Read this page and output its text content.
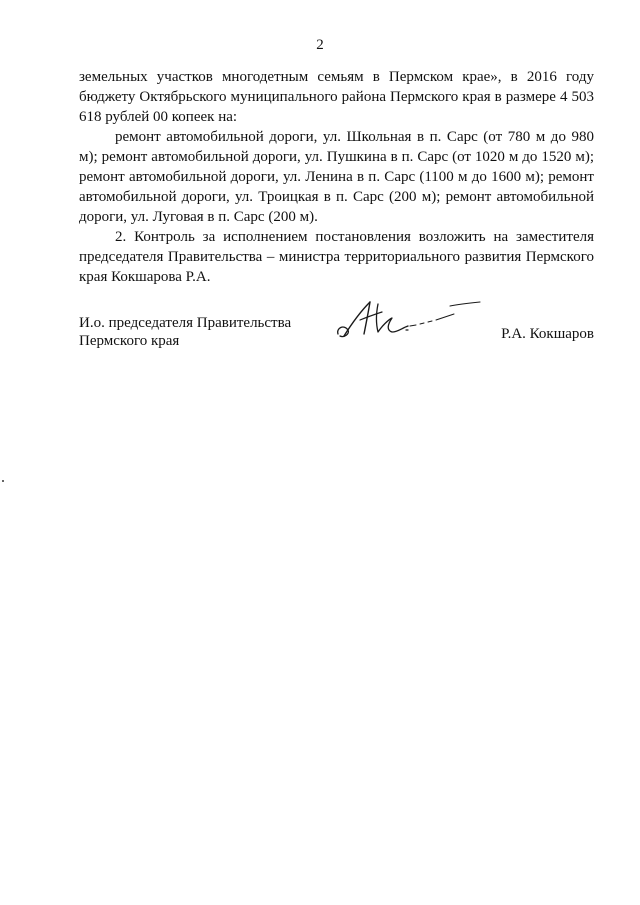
2

земельных участков многодетным семьям в Пермском крае», в 2016 году бюджету Октябрьского муниципального района Пермского края в размере 4 503 618 рублей 00 копеек на:

ремонт автомобильной дороги, ул. Школьная в п. Сарс (от 780 м до 980 м); ремонт автомобильной дороги, ул. Пушкина в п. Сарс (от 1020 м до 1520 м); ремонт автомобильной дороги, ул. Ленина в п. Сарс (1100 м до 1600 м); ремонт автомобильной дороги, ул. Троицкая в п. Сарс (200 м); ремонт автомобильной дороги, ул. Луговая в п. Сарс (200 м).

2. Контроль за исполнением постановления возложить на заместителя председателя Правительства – министра территориального развития Пермского края Кокшарова Р.А.

И.о. председателя Правительства
Пермского края	Р.А. Кокшаров
